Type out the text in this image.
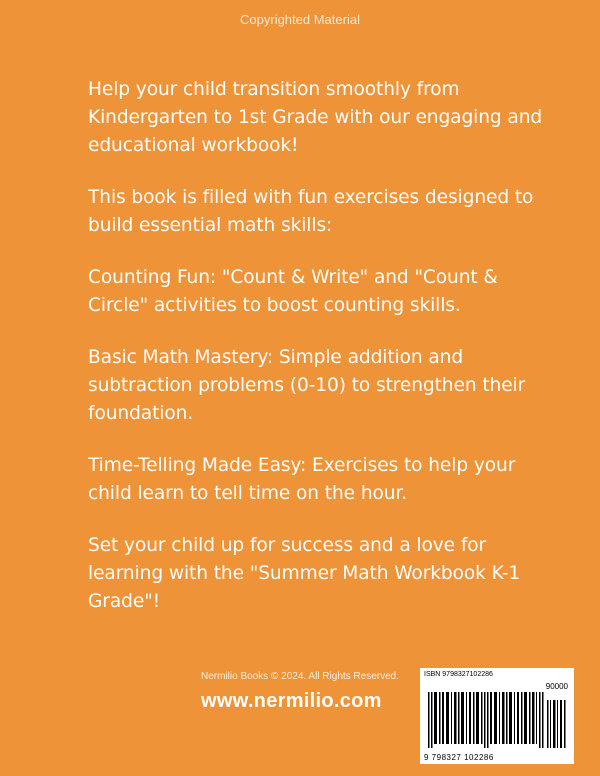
Copyrighted Material

Help your child transition smoothly from Kindergarten to 1st Grade with our engaging and educational workbook!

This book is filled with fun exercises designed to build essential math skills:

Counting Fun: "Count & Write" and "Count & Circle" activities to boost counting skills.

Basic Math Mastery: Simple addition and subtraction problems (0-10) to strengthen their foundation.

Time-Telling Made Easy: Exercises to help your child learn to tell time on the hour.

Set your child up for success and a love for learning with the "Summer Math Workbook K-1 Grade"!

Nermilio Books © 2024. All Rights Reserved.
www.nermilio.com
ISBN 9798327102286
90000
9 798327 102286
